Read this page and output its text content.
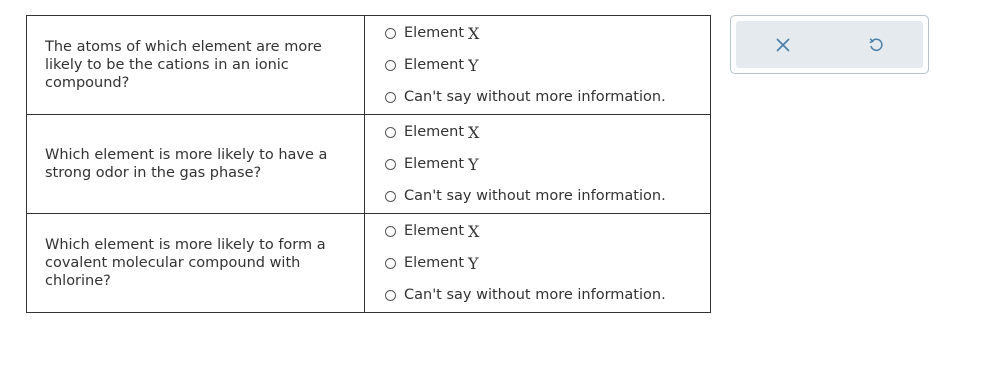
The atoms of which element are more likely to be the cations in an ionic compound?	Element X
Element Y
Can't say without more information.

Which element is more likely to have a strong odor in the gas phase?	Element X
Element Y
Can't say without more information.

Which element is more likely to form a covalent molecular compound with chlorine?	Element X
Element Y
Can't say without more information.
